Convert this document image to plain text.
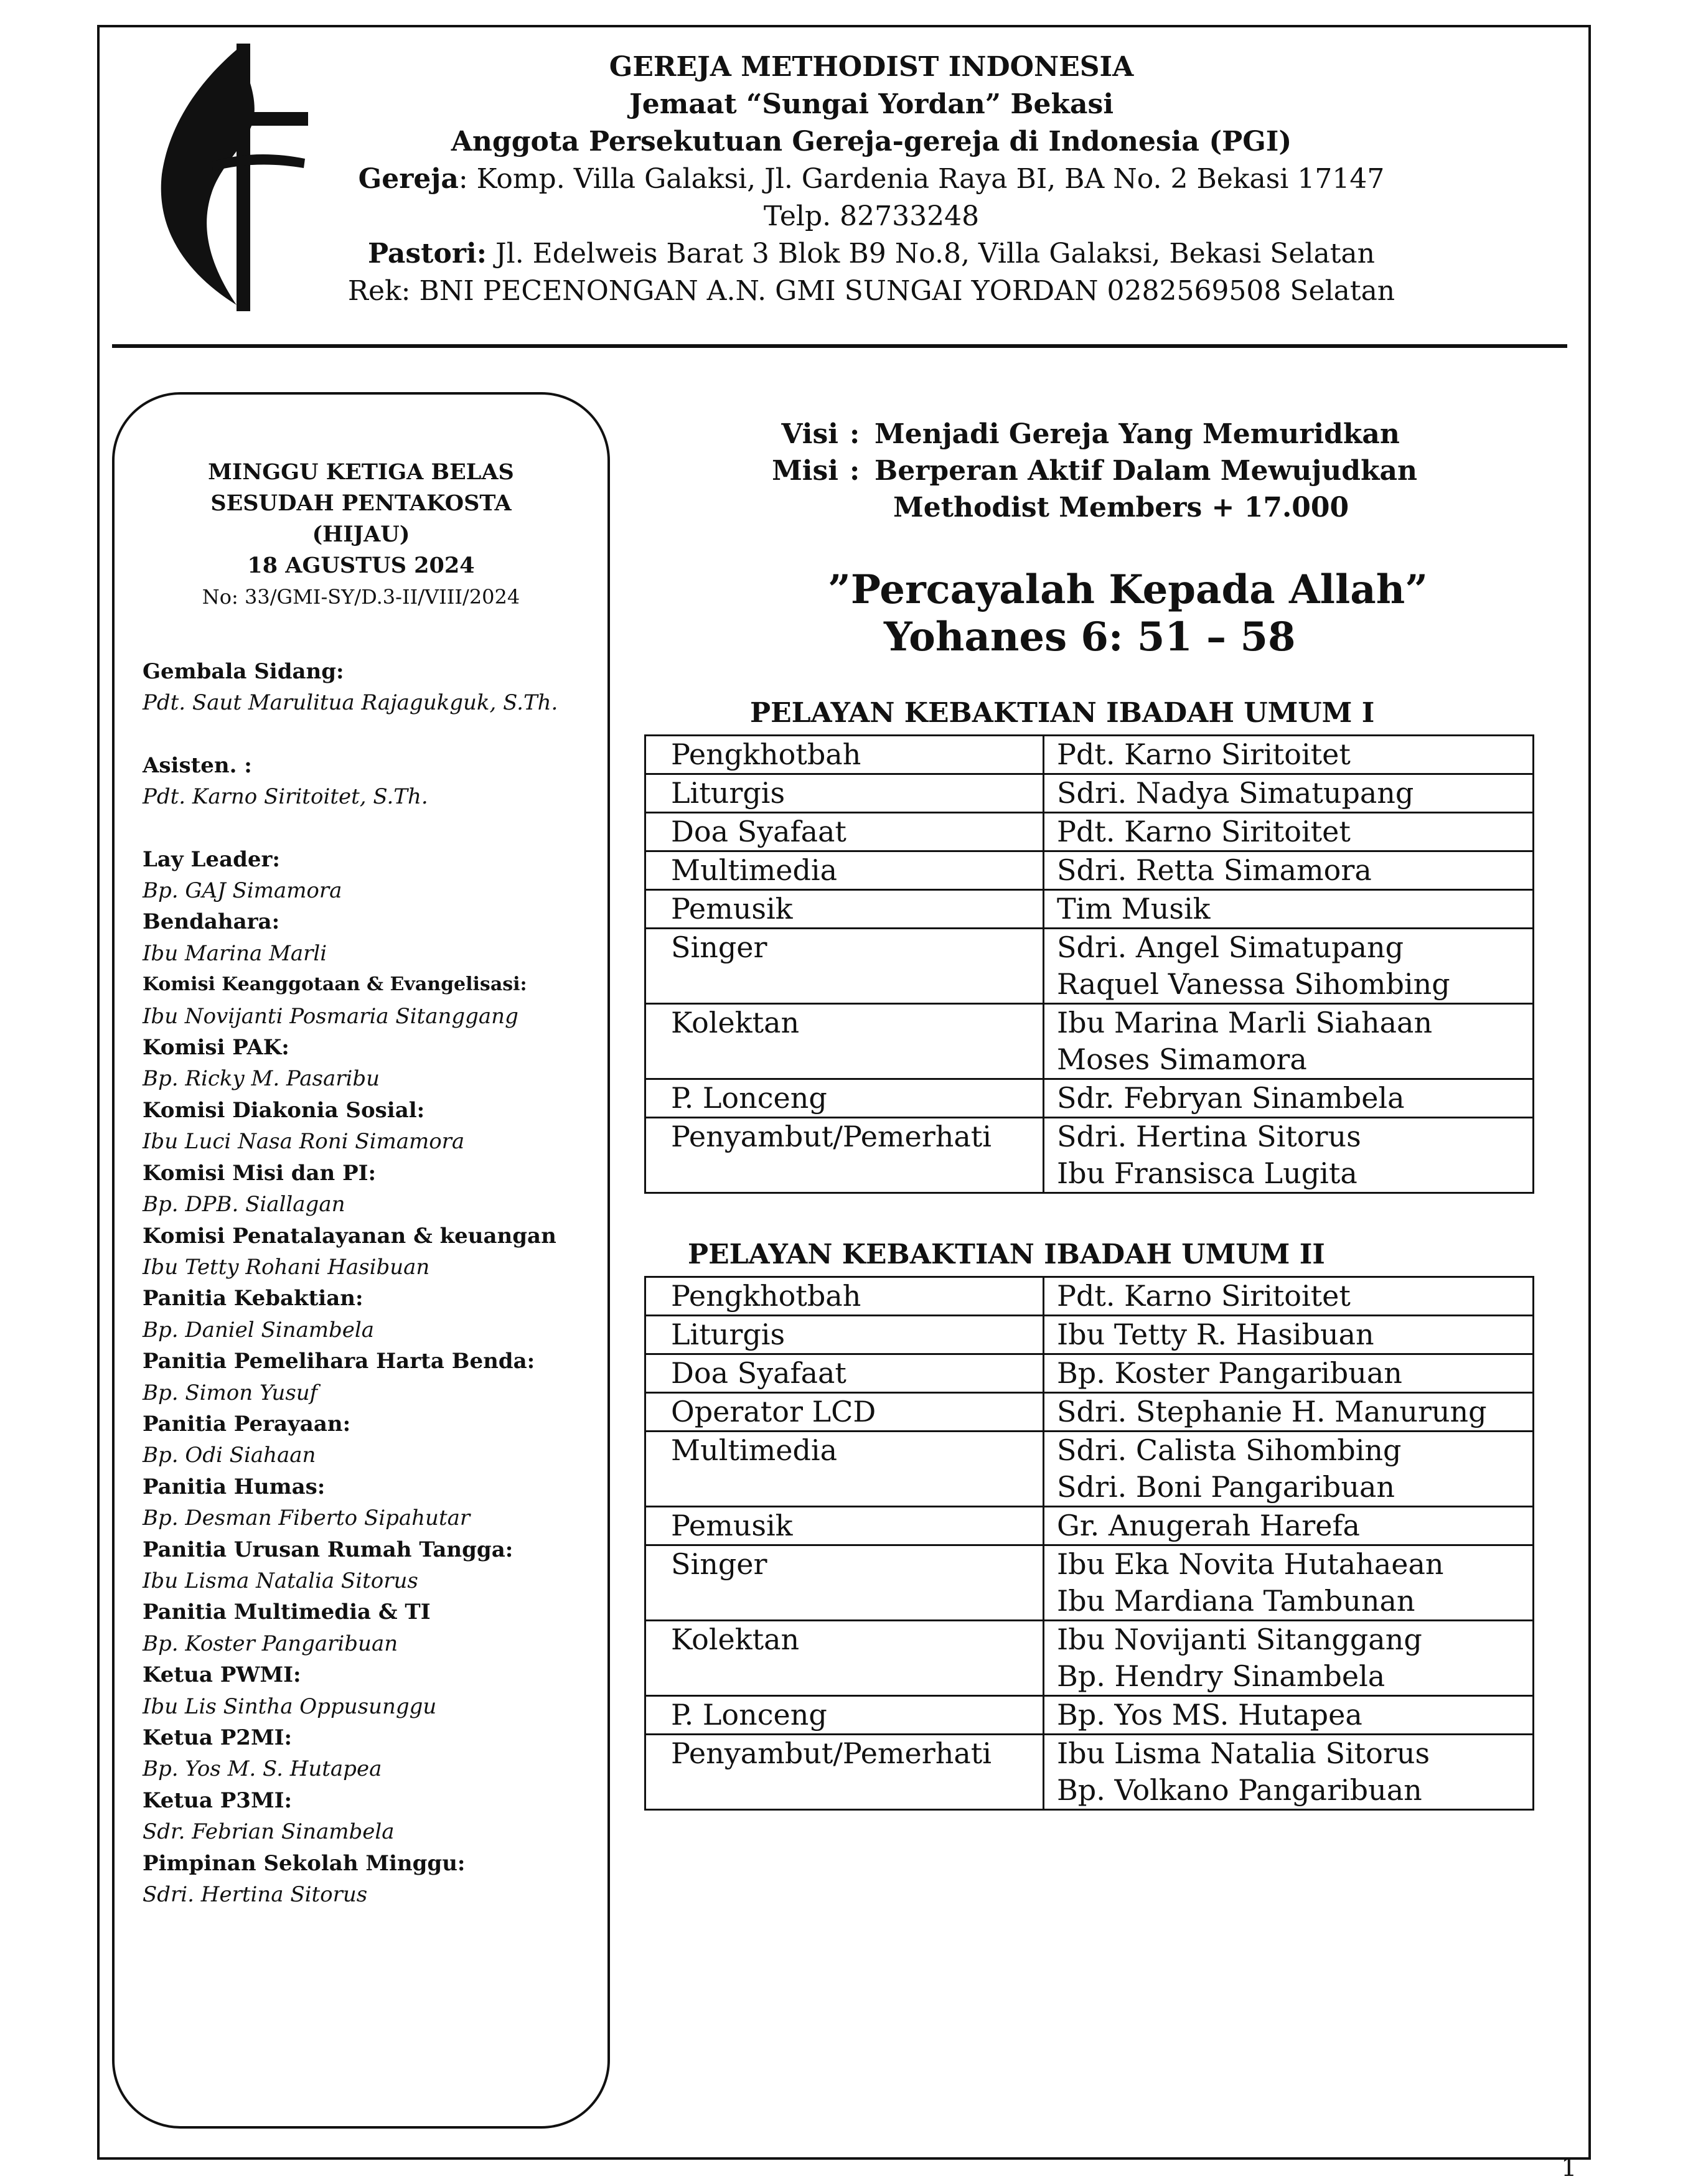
GEREJA METHODIST INDONESIA
Jemaat “Sungai Yordan” Bekasi
Anggota Persekutuan Gereja-gereja di Indonesia (PGI)
Gereja: Komp. Villa Galaksi, Jl. Gardenia Raya BI, BA No. 2 Bekasi 17147
Telp. 82733248
Pastori: Jl. Edelweis Barat 3 Blok B9 No.8, Villa Galaksi, Bekasi Selatan
Rek: BNI PECENONGAN A.N. GMI SUNGAI YORDAN 0282569508 Selatan
MINGGU KETIGA BELAS
SESUDAH PENTAKOSTA
(HIJAU)
18 AGUSTUS 2024
No: 33/GMI-SY/D.3-II/VIII/2024
Gembala Sidang:
Pdt. Saut Marulitua Rajagukguk, S.Th.
Asisten. :
Pdt. Karno Siritoitet, S.Th.
Lay Leader:
Bp. GAJ Simamora
Bendahara:
Ibu Marina Marli
Komisi Keanggotaan & Evangelisasi:
Ibu Novijanti Posmaria Sitanggang
Komisi PAK:
Bp. Ricky M. Pasaribu
Komisi Diakonia Sosial:
Ibu Luci Nasa Roni Simamora
Komisi Misi dan PI:
Bp. DPB. Siallagan
Komisi Penatalayanan & keuangan
Ibu Tetty Rohani Hasibuan
Panitia Kebaktian:
Bp. Daniel Sinambela
Panitia Pemelihara Harta Benda:
Bp. Simon Yusuf
Panitia Perayaan:
Bp. Odi Siahaan
Panitia Humas:
Bp. Desman Fiberto Sipahutar
Panitia Urusan Rumah Tangga:
Ibu Lisma Natalia Sitorus
Panitia Multimedia & TI
Bp. Koster Pangaribuan
Ketua PWMI:
Ibu Lis Sintha Oppusunggu
Ketua P2MI:
Bp. Yos M. S. Hutapea
Ketua P3MI:
Sdr. Febrian Sinambela
Pimpinan Sekolah Minggu:
Sdri. Hertina Sitorus
Visi : Menjadi Gereja Yang Memuridkan
Misi : Berperan Aktif Dalam Mewujudkan
Methodist Members + 17.000
”Percayalah Kepada Allah”
Yohanes 6: 51 – 58
PELAYAN KEBAKTIAN IBADAH UMUM I
Pengkhotbah	Pdt. Karno Siritoitet

Liturgis	Sdri. Nadya Simatupang

Doa Syafaat	Pdt. Karno Siritoitet

Multimedia	Sdri. Retta Simamora

Pemusik	Tim Musik

Singer	Sdri. Angel Simatupang
Raquel Vanessa Sihombing

Kolektan	Ibu Marina Marli Siahaan
Moses Simamora

P. Lonceng	Sdr. Febryan Sinambela

Penyambut/Pemerhati	Sdri. Hertina Sitorus
Ibu Fransisca Lugita
PELAYAN KEBAKTIAN IBADAH UMUM II
Pengkhotbah	Pdt. Karno Siritoitet

Liturgis	Ibu Tetty R. Hasibuan

Doa Syafaat	Bp. Koster Pangaribuan

Operator LCD	Sdri. Stephanie H. Manurung

Multimedia	Sdri. Calista Sihombing
Sdri. Boni Pangaribuan

Pemusik	Gr. Anugerah Harefa

Singer	Ibu Eka Novita Hutahaean
Ibu Mardiana Tambunan

Kolektan	Ibu Novijanti Sitanggang
Bp. Hendry Sinambela

P. Lonceng	Bp. Yos MS. Hutapea

Penyambut/Pemerhati	Ibu Lisma Natalia Sitorus
Bp. Volkano Pangaribuan
1
